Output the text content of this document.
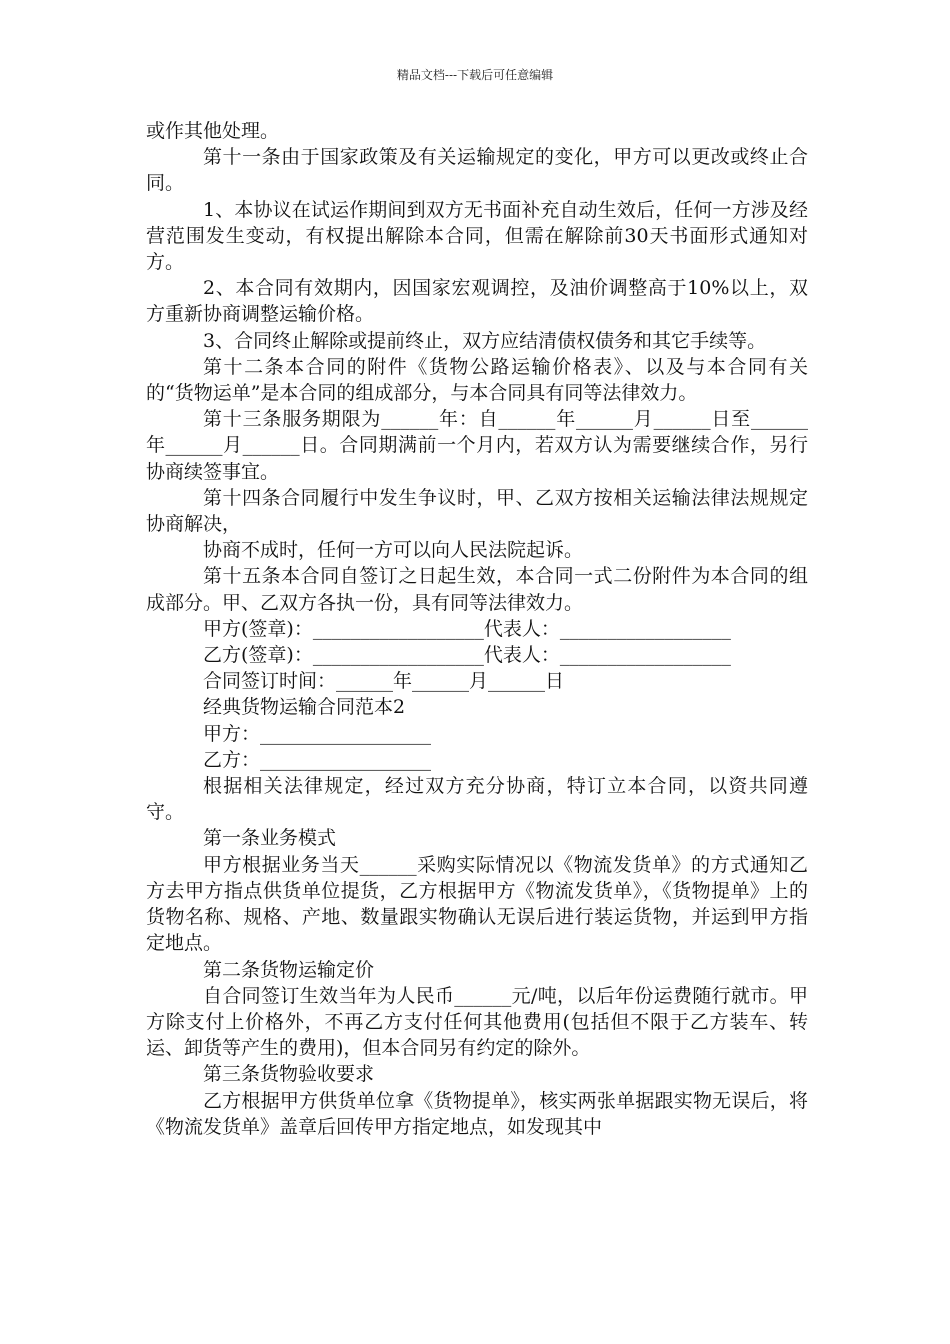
精品文档---下载后可任意编辑

或作其他处理。

第十一条由于国家政策及有关运输规定的变化，甲方可以更改或终止合同。

1、本协议在试运作期间到双方无书面补充自动生效后，任何一方涉及经营范围发生变动，有权提出解除本合同，但需在解除前30天书面形式通知对方。

2、本合同有效期内，因国家宏观调控，及油价调整高于10%以上，双方重新协商调整运输价格。

3、合同终止解除或提前终止，双方应结清债权债务和其它手续等。

第十二条本合同的附件《货物公路运输价格表》、以及与本合同有关的“货物运单”是本合同的组成部分，与本合同具有同等法律效力。

第十三条服务期限为______年：自______年______月______日至______年______月______日。合同期满前一个月内，若双方认为需要继续合作，另行协商续签事宜。

第十四条合同履行中发生争议时，甲、乙双方按相关运输法律法规规定协商解决，

协商不成时，任何一方可以向人民法院起诉。

第十五条本合同自签订之日起生效，本合同一式二份附件为本合同的组成部分。甲、乙双方各执一份，具有同等法律效力。

甲方(签章)：__________________代表人：__________________

乙方(签章)：__________________代表人：__________________

合同签订时间：______年______月______日

经典货物运输合同范本2

甲方：__________________

乙方：__________________

根据相关法律规定，经过双方充分协商，特订立本合同，以资共同遵守。

第一条业务模式

甲方根据业务当天______采购实际情况以《物流发货单》的方式通知乙方去甲方指点供货单位提货，乙方根据甲方《物流发货单》，《货物提单》上的货物名称、规格、产地、数量跟实物确认无误后进行装运货物，并运到甲方指定地点。

第二条货物运输定价

自合同签订生效当年为人民币______元/吨，以后年份运费随行就市。甲方除支付上价格外，不再乙方支付任何其他费用(包括但不限于乙方装车、转运、卸货等产生的费用)，但本合同另有约定的除外。

第三条货物验收要求

乙方根据甲方供货单位拿《货物提单》，核实两张单据跟实物无误后，将《物流发货单》盖章后回传甲方指定地点，如发现其中
